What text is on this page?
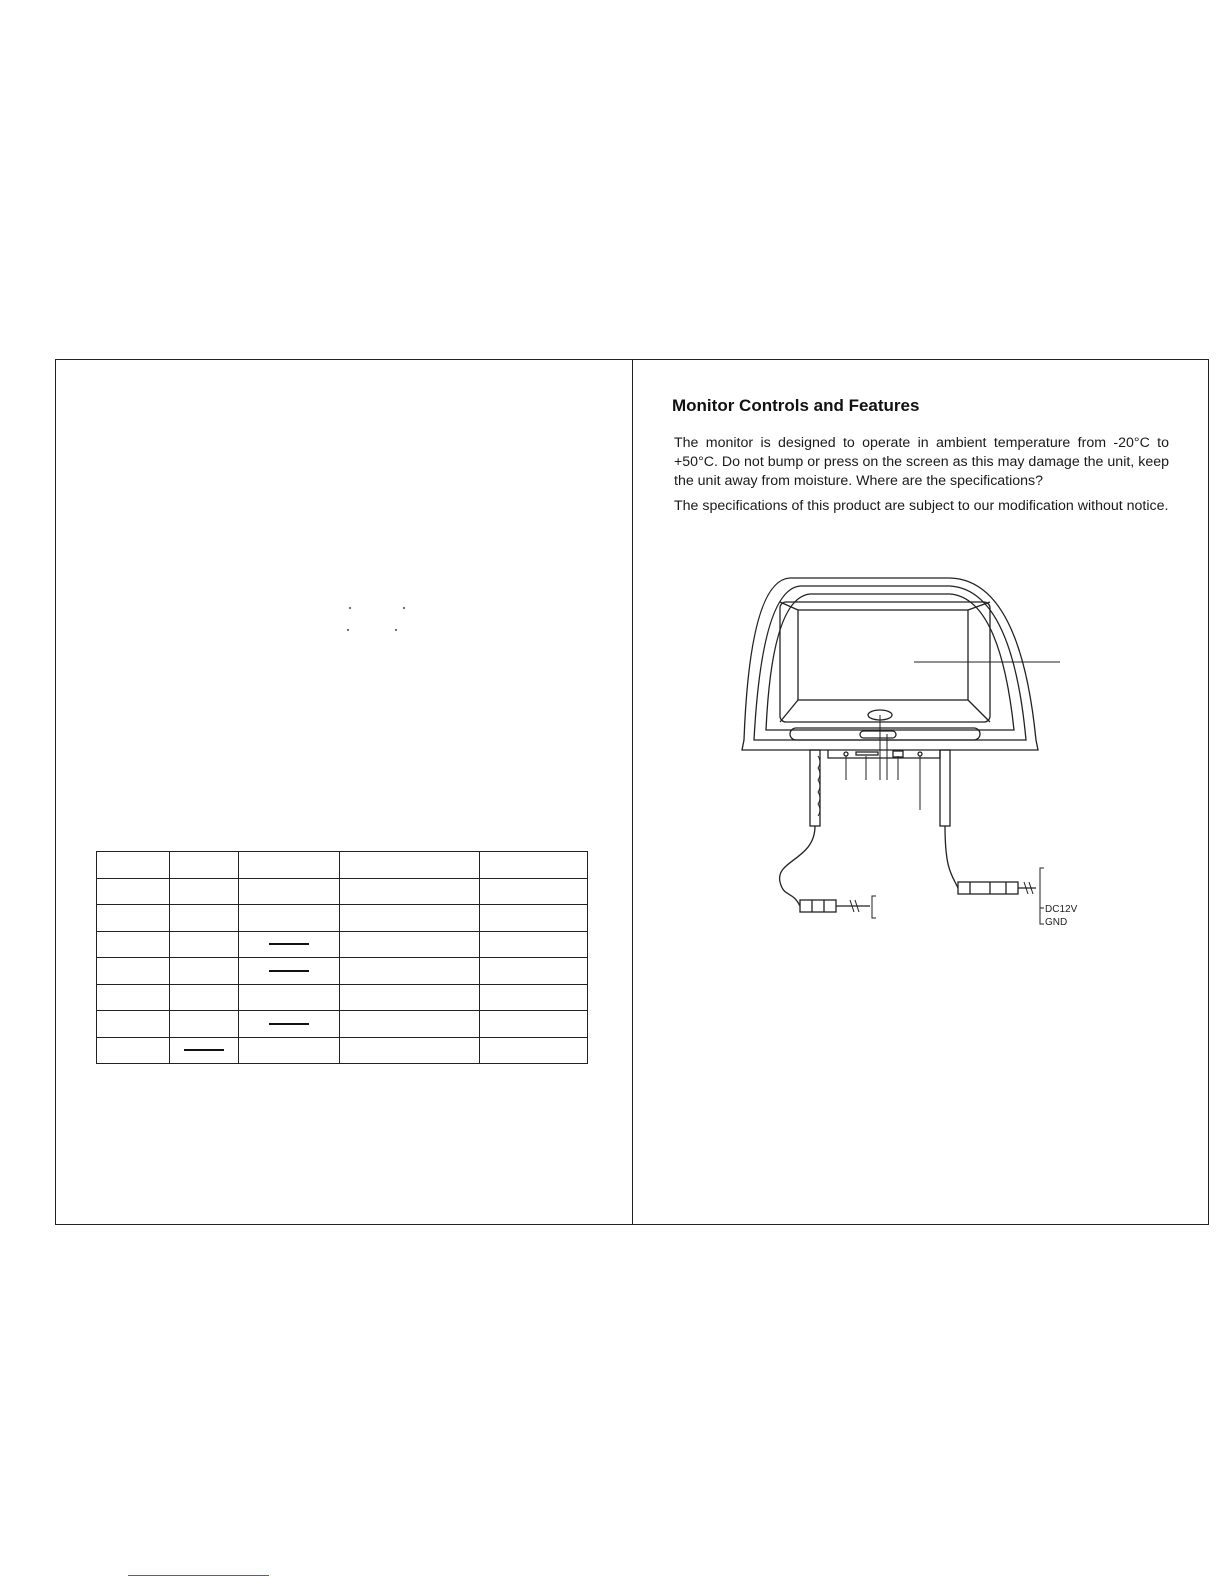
Monitor Controls and Features

The monitor is designed to operate in ambient temperature from -20°C to +50°C. Do not bump or press on the screen as this may damage the unit, keep the unit away from moisture. Where are the specifications?

The specifications of this product are subject to our modification without notice.

DC12V
GND
